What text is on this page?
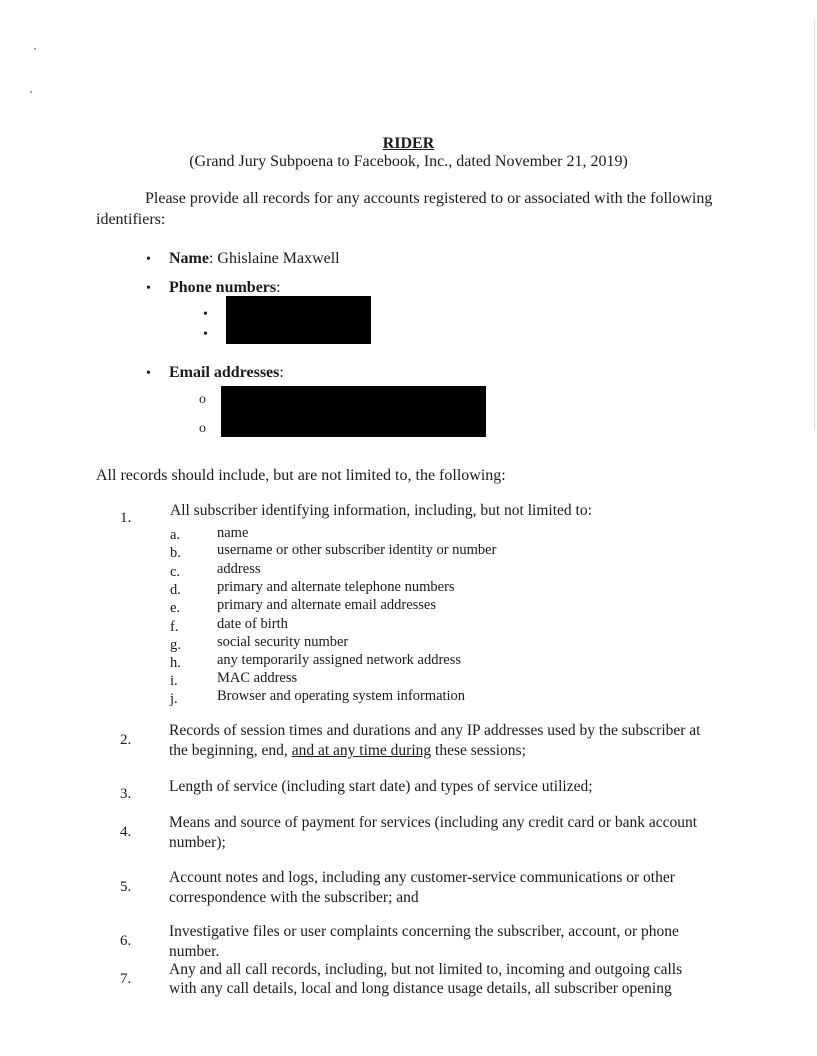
RIDER
(Grand Jury Subpoena to Facebook, Inc., dated November 21, 2019)
Please provide all records for any accounts registered to or associated with the following
identifiers:
• Name: Ghislaine Maxwell
• Phone numbers:
•
•
• Email addresses:
o
o
All records should include, but are not limited to, the following:
1.	All subscriber identifying information, including, but not limited to:
a.	name
b. username or other subscriber identity or number
c.	address
d. primary and alternate telephone numbers
e.	primary and alternate email addresses
f.	date of birth
g. social security number
h. any temporarily assigned network address
i.	MAC address
j.	Browser and operating system information
2.
Records of session times and durations and any IP addresses used by the subscriber at
the beginning, end, and at any time during these sessions;
3. Length of service (including start date) and types of service utilized;
4.
Means and source of payment for services (including any credit card or bank account
number);
5.
Account notes and logs, including any customer-service communications or other
correspondence with the subscriber; and
6.
Investigative files or user complaints concerning the subscriber, account, or phone
number.
7.
Any and all call records, including, but not limited to, incoming and outgoing calls
with any call details, local and long distance usage details, all subscriber opening
